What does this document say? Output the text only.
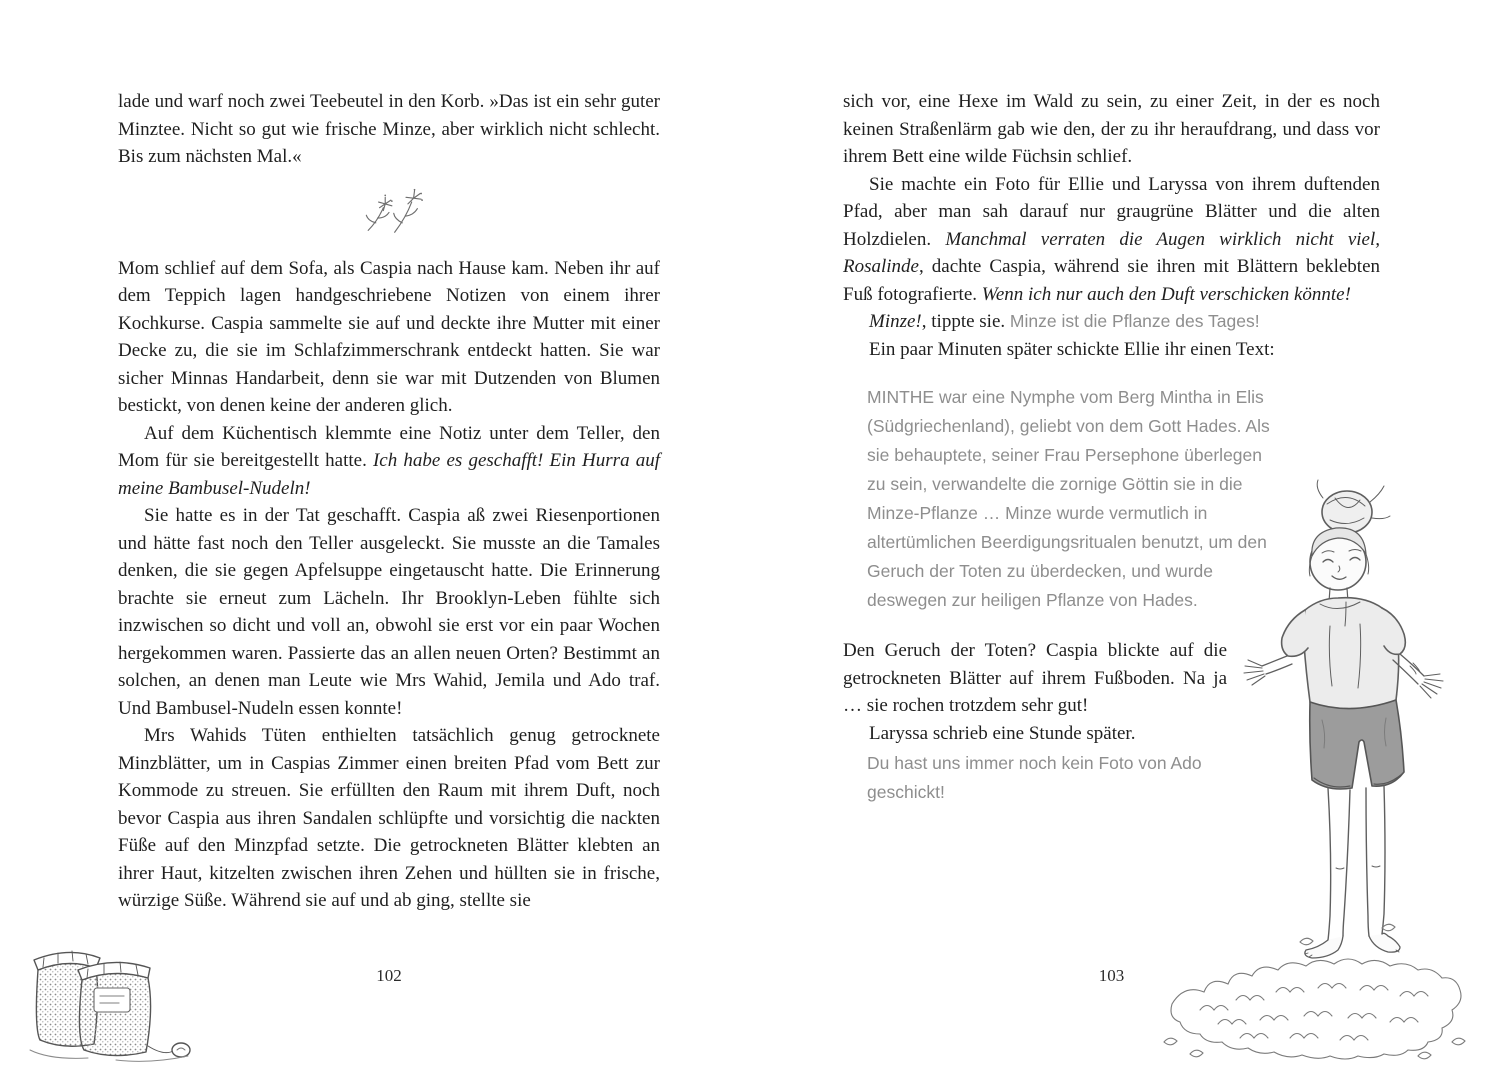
lade und warf noch zwei Teebeutel in den Korb. »Das ist ein sehr guter Minztee. Nicht so gut wie frische Minze, aber wirklich nicht schlecht. Bis zum nächsten Mal.«

Mom schlief auf dem Sofa, als Caspia nach Hause kam. Neben ihr auf dem Teppich lagen handgeschriebene Notizen von einem ihrer Kochkurse. Caspia sammelte sie auf und deckte ihre Mutter mit einer Decke zu, die sie im Schlafzimmerschrank entdeckt hatten. Sie war sicher Minnas Handarbeit, denn sie war mit Dutzenden von Blumen bestickt, von denen keine der anderen glich.

Auf dem Küchentisch klemmte eine Notiz unter dem Teller, den Mom für sie bereitgestellt hatte. Ich habe es geschafft! Ein Hurra auf meine Bambusel-Nudeln!

Sie hatte es in der Tat geschafft. Caspia aß zwei Riesenportionen und hätte fast noch den Teller ausgeleckt. Sie musste an die Tamales denken, die sie gegen Apfelsuppe eingetauscht hatte. Die Erinnerung brachte sie erneut zum Lächeln. Ihr Brooklyn-Leben fühlte sich inzwischen so dicht und voll an, obwohl sie erst vor ein paar Wochen hergekommen waren. Passierte das an allen neuen Orten? Bestimmt an solchen, an denen man Leute wie Mrs Wahid, Jemila und Ado traf. Und Bambusel-Nudeln essen konnte!

Mrs Wahids Tüten enthielten tatsächlich genug getrocknete Minzblätter, um in Caspias Zimmer einen breiten Pfad vom Bett zur Kommode zu streuen. Sie erfüllten den Raum mit ihrem Duft, noch bevor Caspia aus ihren Sandalen schlüpfte und vorsichtig die nackten Füße auf den Minzpfad setzte. Die getrockneten Blätter klebten an ihrer Haut, kitzelten zwischen ihren Zehen und hüllten sie in frische, würzige Süße. Während sie auf und ab ging, stellte sie

102

sich vor, eine Hexe im Wald zu sein, zu einer Zeit, in der es noch keinen Straßenlärm gab wie den, der zu ihr heraufdrang, und dass vor ihrem Bett eine wilde Füchsin schlief.

Sie machte ein Foto für Ellie und Laryssa von ihrem duftenden Pfad, aber man sah darauf nur graugrüne Blätter und die alten Holzdielen. Manchmal verraten die Augen wirklich nicht viel, Rosalinde, dachte Caspia, während sie ihren mit Blättern beklebten Fuß fotografierte. Wenn ich nur auch den Duft verschicken könnte!

Minze!, tippte sie. Minze ist die Pflanze des Tages!

Ein paar Minuten später schickte Ellie ihr einen Text:

MINTHE war eine Nymphe vom Berg Mintha in Elis (Südgriechenland), geliebt von dem Gott Hades. Als sie behauptete, seiner Frau Persephone überlegen zu sein, verwandelte die zornige Göttin sie in die Minze-Pflanze … Minze wurde vermutlich in altertümlichen Beerdigungsritualen benutzt, um den Geruch der Toten zu überdecken, und wurde deswegen zur heiligen Pflanze von Hades.

Den Geruch der Toten? Caspia blickte auf die getrockneten Blätter auf ihrem Fußboden. Na ja … sie rochen trotzdem sehr gut!

Laryssa schrieb eine Stunde später.

Du hast uns immer noch kein Foto von Ado geschickt!
103
